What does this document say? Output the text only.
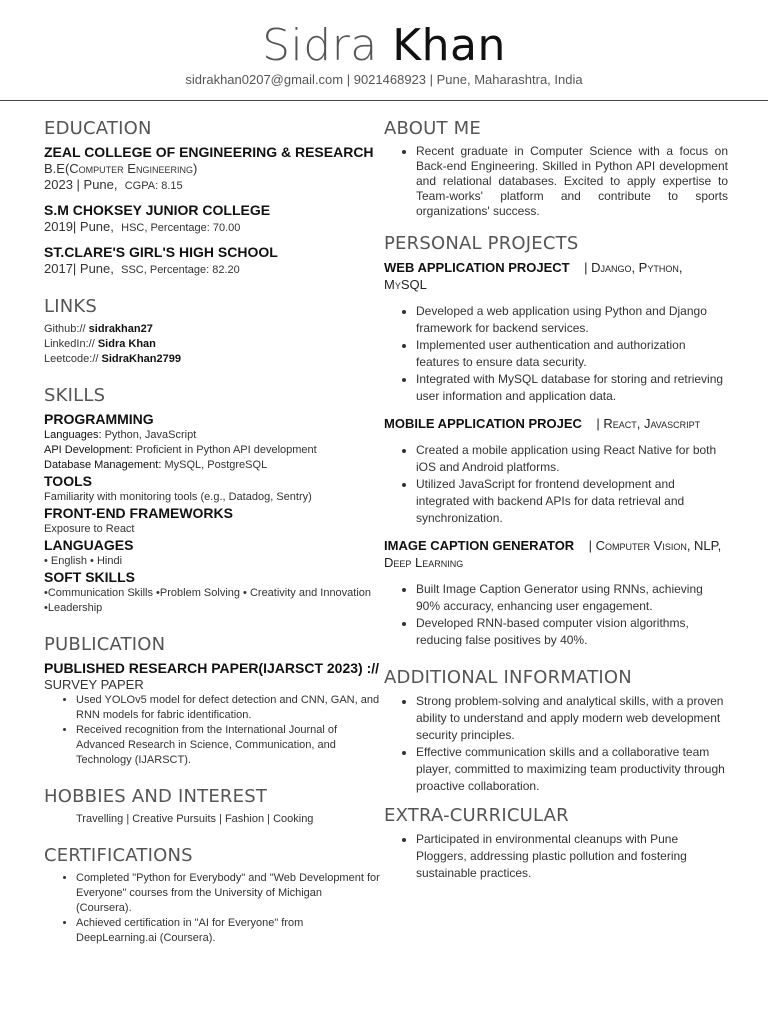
Sidra Khan
sidrakhan0207@gmail.com | 9021468923 | Pune, Maharashtra, India
EDUCATION
ZEAL COLLEGE OF ENGINEERING & RESEARCH
B.E(Computer Engineering)
2023 | Pune, CGPA: 8.15
S.M CHOKSEY JUNIOR COLLEGE
2019| Pune, HSC, Percentage: 70.00
ST.CLARE'S GIRL'S HIGH SCHOOL
2017| Pune, SSC, Percentage: 82.20
LINKS
Github:// sidrakhan27
LinkedIn:// Sidra Khan
Leetcode:// SidraKhan2799
SKILLS
PROGRAMMING
Languages: Python, JavaScript
API Development: Proficient in Python API development
Database Management: MySQL, PostgreSQL
TOOLS
Familiarity with monitoring tools (e.g., Datadog, Sentry)
FRONT-END FRAMEWORKS
Exposure to React
LANGUAGES
• English • Hindi
SOFT SKILLS
•Communication Skills •Problem Solving • Creativity and Innovation •Leadership
PUBLICATION
PUBLISHED RESEARCH PAPER(IJARSCT 2023) ://
SURVEY PAPER
• Used YOLOv5 model for defect detection and CNN, GAN, and RNN models for fabric identification.
• Received recognition from the International Journal of Advanced Research in Science, Communication, and Technology (IJARSCT).
HOBBIES AND INTEREST
Travelling | Creative Pursuits | Fashion | Cooking
CERTIFICATIONS
• Completed "Python for Everybody" and "Web Development for Everyone" courses from the University of Michigan (Coursera).
• Achieved certification in "AI for Everyone" from DeepLearning.ai (Coursera).
ABOUT ME
• Recent graduate in Computer Science with a focus on Back-end Engineering. Skilled in Python API development and relational databases. Excited to apply expertise to Team-works' platform and contribute to sports organizations' success.
PERSONAL PROJECTS
WEB APPLICATION PROJECT | Django, Python, MySQL
• Developed a web application using Python and Django framework for backend services.
• Implemented user authentication and authorization features to ensure data security.
• Integrated with MySQL database for storing and retrieving user information and application data.
MOBILE APPLICATION PROJEC | React, Javascript
• Created a mobile application using React Native for both iOS and Android platforms.
• Utilized JavaScript for frontend development and integrated with backend APIs for data retrieval and synchronization.
IMAGE CAPTION GENERATOR | Computer Vision, NLP, Deep Learning
• Built Image Caption Generator using RNNs, achieving 90% accuracy, enhancing user engagement.
• Developed RNN-based computer vision algorithms, reducing false positives by 40%.
ADDITIONAL INFORMATION
• Strong problem-solving and analytical skills, with a proven ability to understand and apply modern web development security principles.
• Effective communication skills and a collaborative team player, committed to maximizing team productivity through proactive collaboration.
EXTRA-CURRICULAR
• Participated in environmental cleanups with Pune Ploggers, addressing plastic pollution and fostering sustainable practices.
